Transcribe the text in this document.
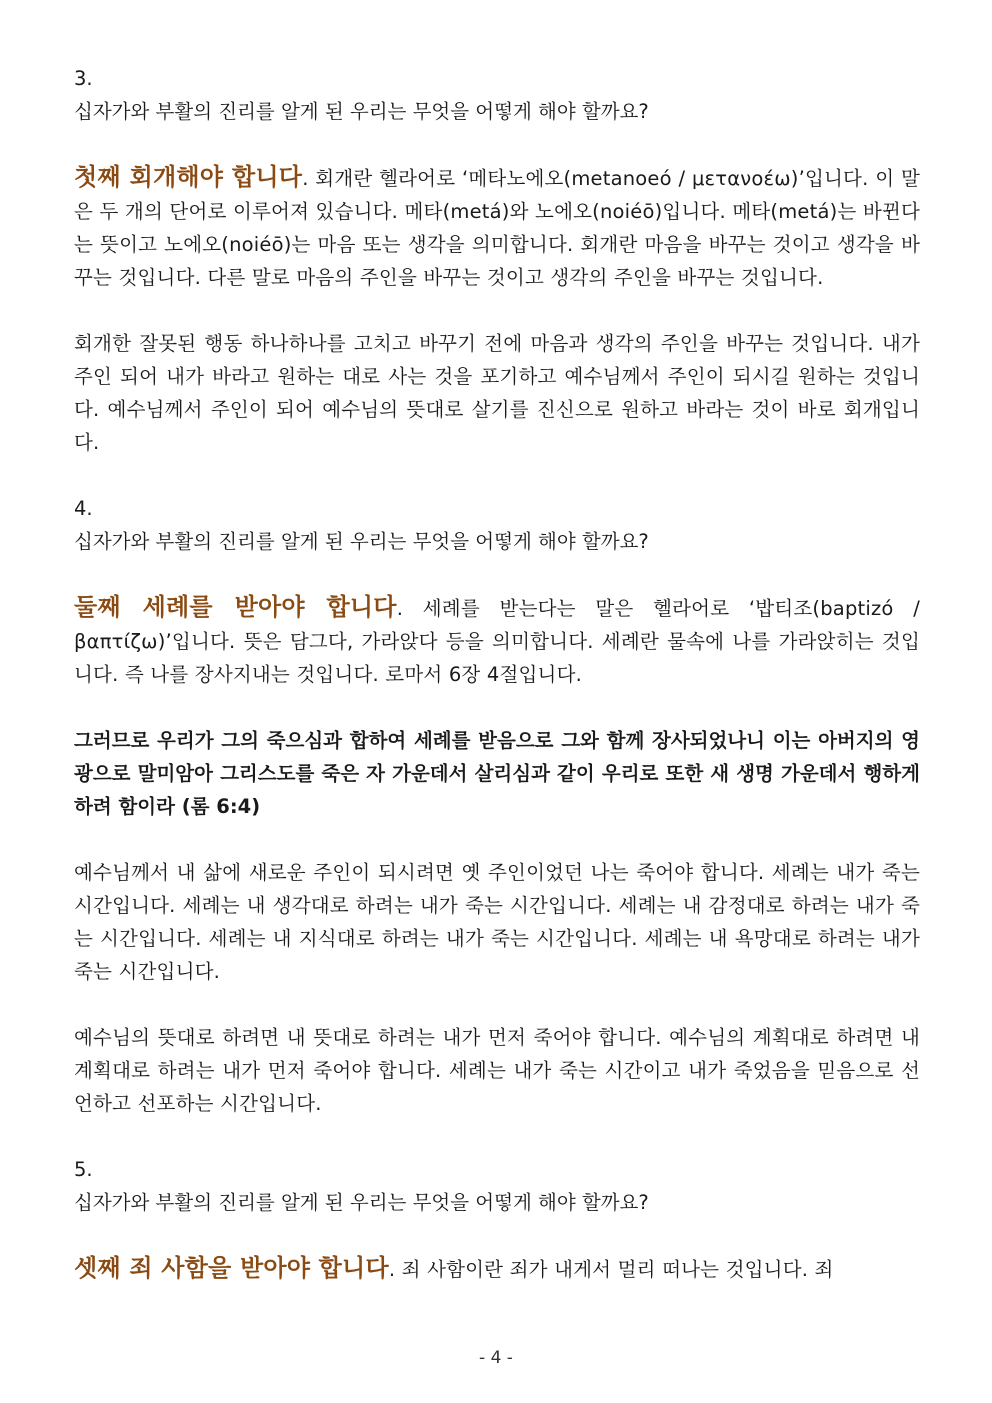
3.

십자가와 부활의 진리를 알게 된 우리는 무엇을 어떻게 해야 할까요?

첫째 회개해야 합니다. 회개란 헬라어로 ‘메타노에오(metanoeó / μετανοέω)’입니다. 이 말은 두 개의 단어로 이루어져 있습니다. 메타(metá)와 노에오(noiéō)입니다. 메타(metá)는 바뀐다는 뜻이고 노에오(noiéō)는 마음 또는 생각을 의미합니다. 회개란 마음을 바꾸는 것이고 생각을 바꾸는 것입니다. 다른 말로 마음의 주인을 바꾸는 것이고 생각의 주인을 바꾸는 것입니다.

회개한 잘못된 행동 하나하나를 고치고 바꾸기 전에 마음과 생각의 주인을 바꾸는 것입니다. 내가 주인 되어 내가 바라고 원하는 대로 사는 것을 포기하고 예수님께서 주인이 되시길 원하는 것입니다. 예수님께서 주인이 되어 예수님의 뜻대로 살기를 진신으로 원하고 바라는 것이 바로 회개입니다.

4.

십자가와 부활의 진리를 알게 된 우리는 무엇을 어떻게 해야 할까요?

둘째 세례를 받아야 합니다. 세례를 받는다는 말은 헬라어로 ‘밥티조(baptizó / βαπτίζω)’입니다. 뜻은 담그다, 가라앉다 등을 의미합니다. 세례란 물속에 나를 가라앉히는 것입니다. 즉 나를 장사지내는 것입니다. 로마서 6장 4절입니다.

그러므로 우리가 그의 죽으심과 합하여 세례를 받음으로 그와 함께 장사되었나니 이는 아버지의 영광으로 말미암아 그리스도를 죽은 자 가운데서 살리심과 같이 우리로 또한 새 생명 가운데서 행하게 하려 함이라 (롬 6:4)

예수님께서 내 삶에 새로운 주인이 되시려면 옛 주인이었던 나는 죽어야 합니다. 세례는 내가 죽는 시간입니다. 세례는 내 생각대로 하려는 내가 죽는 시간입니다. 세례는 내 감정대로 하려는 내가 죽는 시간입니다. 세례는 내 지식대로 하려는 내가 죽는 시간입니다. 세례는 내 욕망대로 하려는 내가 죽는 시간입니다.

예수님의 뜻대로 하려면 내 뜻대로 하려는 내가 먼저 죽어야 합니다. 예수님의 계획대로 하려면 내 계획대로 하려는 내가 먼저 죽어야 합니다. 세례는 내가 죽는 시간이고 내가 죽었음을 믿음으로 선언하고 선포하는 시간입니다.

5.

십자가와 부활의 진리를 알게 된 우리는 무엇을 어떻게 해야 할까요?

셋째 죄 사함을 받아야 합니다. 죄 사함이란 죄가 내게서 멀리 떠나는 것입니다. 죄

- 4 -
